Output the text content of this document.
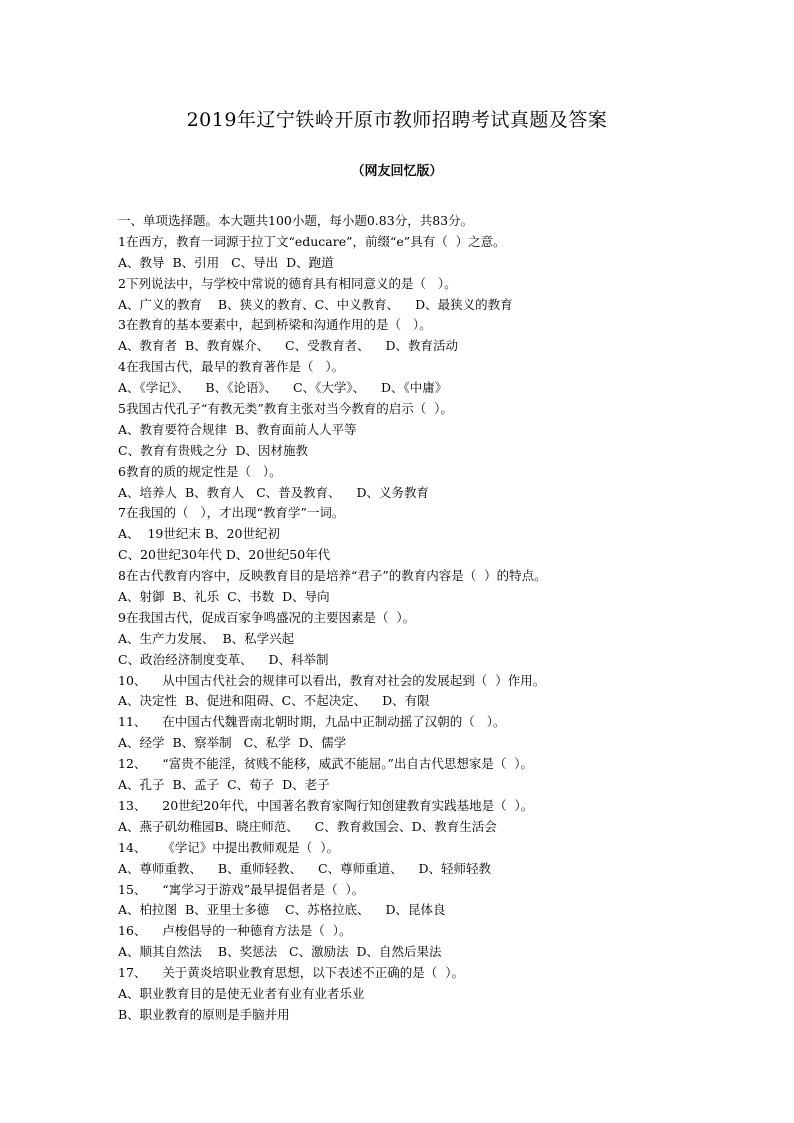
2019年辽宁铁岭开原市教师招聘考试真题及答案
（网友回忆版）
一、单项选择题。本大题共100小题，每小题0.83分，共83分。
1在西方，教育一词源于拉丁文“educare”，前缀“e”具有（  ）之意。
A、教导  B、引用   C、导出  D、跑道
2下列说法中，与学校中常说的德育具有相同意义的是（   ）。
A、广义的教育    B、狭义的教育、C、中义教育、    D、最狭义的教育
3在教育的基本要素中，起到桥梁和沟通作用的是（   ）。
A、教育者  B、教育媒介、    C、受教育者、    D、教育活动
4在我国古代，最早的教育著作是（   ）。
A、《学记》、    B、《论语》、    C、《大学》、    D、《中庸》
5我国古代孔子“有教无类”教育主张对当今教育的启示（  ）。
A、教育要符合规律  B、教育面前人人平等
C、教育有贵贱之分  D、因材施教
6教育的质的规定性是（   ）。
A、培养人  B、教育人   C、普及教育、    D、义务教育
7在我国的（   ），才出现“教育学”一词。
A、  19世纪末 B、20世纪初
C、20世纪30年代 D、20世纪50年代
8在古代教育内容中，反映教育目的是培养“君子”的教育内容是（  ）的特点。
A、射御  B、礼乐  C、书数  D、导向
9在我国古代，促成百家争鸣盛况的主要因素是（  ）。
A、生产力发展、  B、私学兴起
C、政治经济制度变革、    D、科举制
10、    从中国古代社会的规律可以看出，教育对社会的发展起到（  ）作用。
A、决定性  B、促进和阻碍、C、不起决定、    D、有限
11、    在中国古代魏晋南北朝时期，九品中正制动摇了汉朝的（   ）。
A、经学  B、察举制   C、私学  D、儒学
12、    “富贵不能淫，贫贱不能移，威武不能屈。”出自古代思想家是（  ）。
A、孔子  B、孟子  C、荀子  D、老子
13、    20世纪20年代，中国著名教育家陶行知创建教育实践基地是（  ）。
A、燕子矶幼稚园B、晓庄师范、    C、教育救国会、D、教育生活会
14、    《学记》中提出教师观是（  ）。
A、尊师重教、    B、重师轻教、    C、尊师重道、    D、轻师轻教
15、    “寓学习于游戏”最早提倡者是（  ）。
A、柏拉图  B、亚里士多德    C、苏格拉底、    D、昆体良
16、    卢梭倡导的一种德育方法是（  ）。
A、顺其自然法    B、奖惩法   C、激励法  D、自然后果法
17、    关于黄炎培职业教育思想，以下表述不正确的是（  ）。
A、职业教育目的是使无业者有业有业者乐业
B、职业教育的原则是手脑并用
